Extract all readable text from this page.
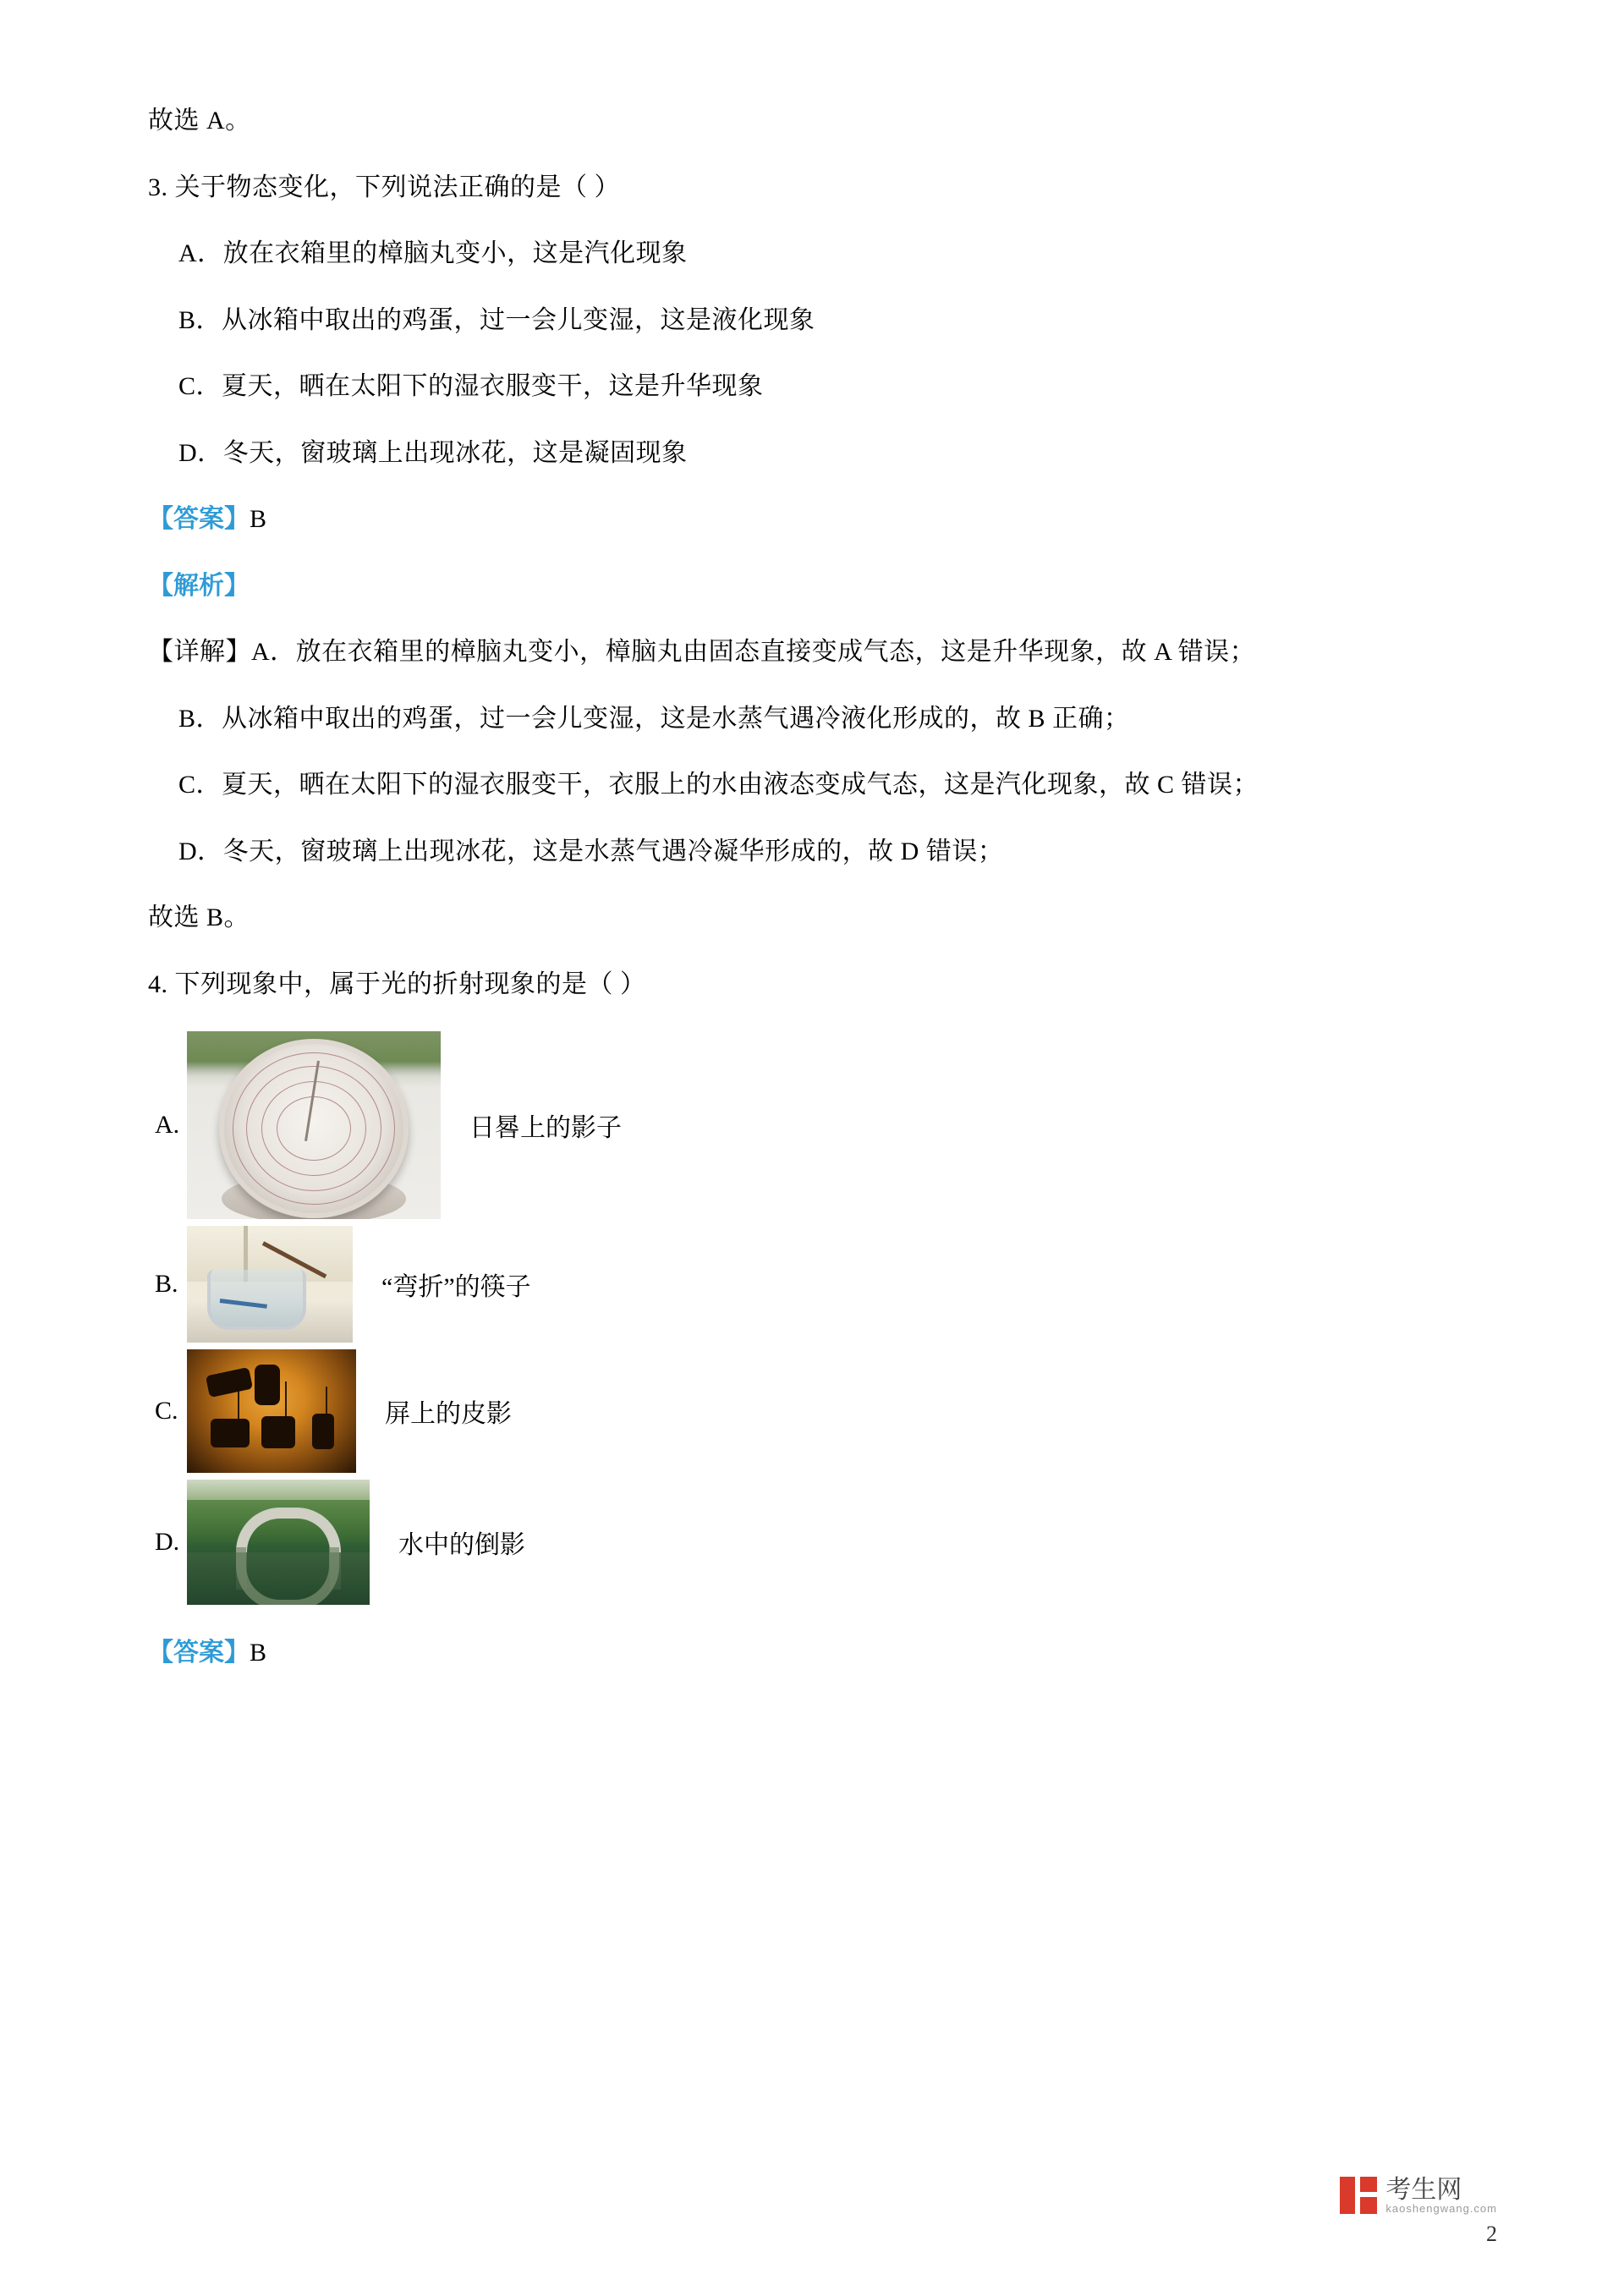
故选 A。

3. 关于物态变化，下列说法正确的是（ ）

A．放在衣箱里的樟脑丸变小，这是汽化现象

B．从冰箱中取出的鸡蛋，过一会儿变湿，这是液化现象

C．夏天，晒在太阳下的湿衣服变干，这是升华现象

D．冬天，窗玻璃上出现冰花，这是凝固现象

【答案】B

【解析】

【详解】A．放在衣箱里的樟脑丸变小，樟脑丸由固态直接变成气态，这是升华现象，故 A 错误；

B．从冰箱中取出的鸡蛋，过一会儿变湿，这是水蒸气遇冷液化形成的，故 B 正确；

C．夏天，晒在太阳下的湿衣服变干，衣服上的水由液态变成气态，这是汽化现象，故 C 错误；

D．冬天，窗玻璃上出现冰花，这是水蒸气遇冷凝华形成的，故 D 错误；

故选 B。

4. 下列现象中，属于光的折射现象的是（ ）

A.	日晷上的影子
B.	“弯折”的筷子
C.	屏上的皮影
D.	水中的倒影

【答案】B

考生网
kaoshengwang.com
2
